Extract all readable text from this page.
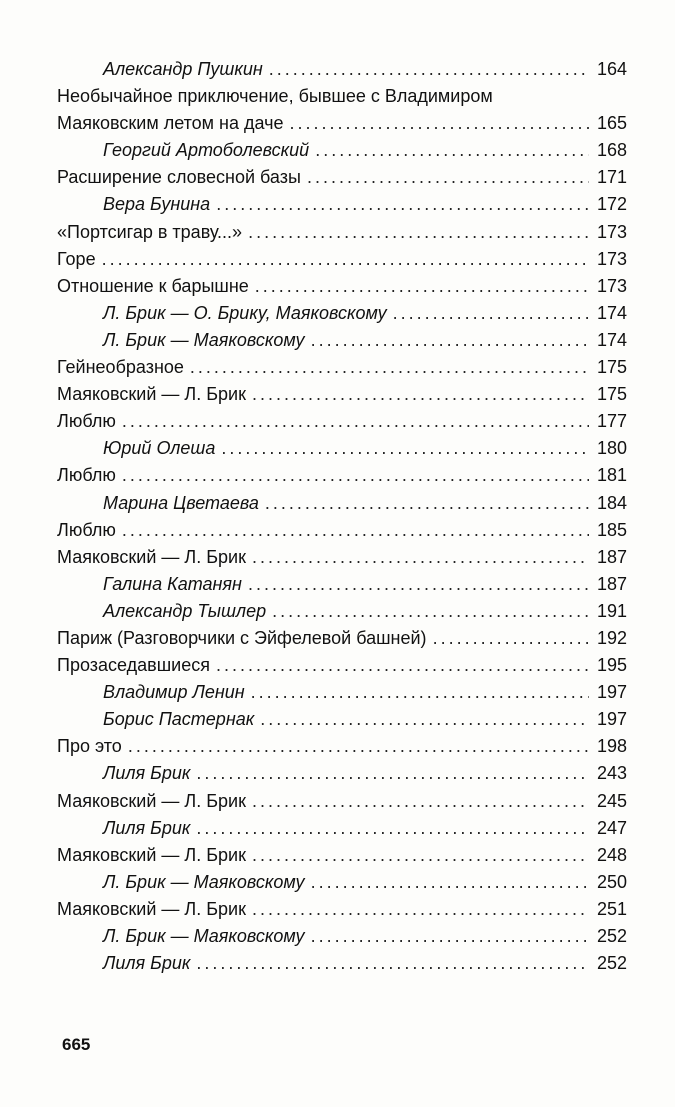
Александр Пушкин .....	164
Необычайное приключение, бывшее с Владимиром
Маяковским летом на даче .....	165
Георгий Артоболевский .....	168
Расширение словесной базы .....	171
Вера Бунина .....	172
«Портсигар в траву...» .....	173
Горе .....	173
Отношение к барышне .....	173
Л. Брик — О. Брику, Маяковскому .....	174
Л. Брик — Маяковскому .....	174
Гейнеобразное .....	175
Маяковский — Л. Брик .....	175
Люблю .....	177
Юрий Олеша .....	180
Люблю .....	181
Марина Цветаева .....	184
Люблю .....	185
Маяковский — Л. Брик .....	187
Галина Катанян .....	187
Александр Тышлер .....	191
Париж (Разговорчики с Эйфелевой башней) .....	192
Прозаседавшиеся .....	195
Владимир Ленин .....	197
Борис Пастернак .....	197
Про это .....	198
Лиля Брик .....	243
Маяковский — Л. Брик .....	245
Лиля Брик .....	247
Маяковский — Л. Брик .....	248
Л. Брик — Маяковскому .....	250
Маяковский — Л. Брик .....	251
Л. Брик — Маяковскому .....	252
Лиля Брик .....	252
665
